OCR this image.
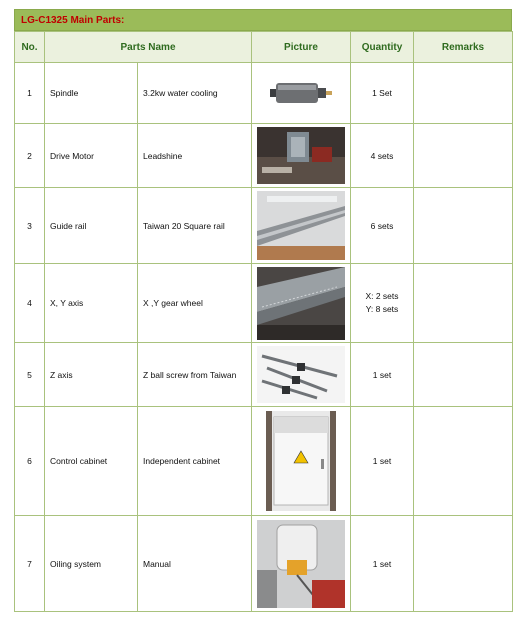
LG-C1325 Main Parts:
No.	Parts Name		Picture	Quantity	Remarks
1	Spindle	3.2kw water cooling		1 Set	
2	Drive Motor	Leadshine		4 sets	
3	Guide rail	Taiwan 20 Square rail		6 sets	
4	X, Y axis	X ,Y gear wheel		X: 2 sets
Y: 8 sets	

5	Z axis	Z ball screw from Taiwan		1 set	
6	Control cabinet	Independent cabinet		1 set	
7	Oiling system	Manual		1 set	
